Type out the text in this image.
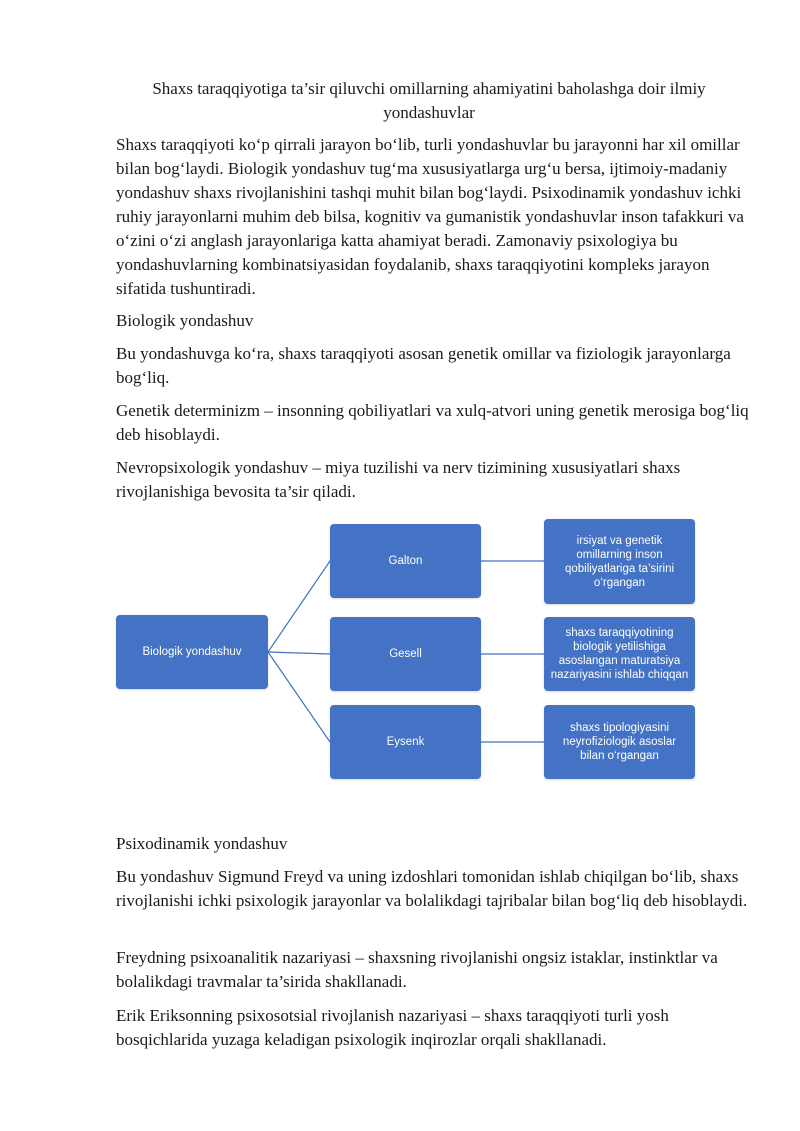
Shaxs taraqqiyotiga ta’sir qiluvchi omillarning ahamiyatini baholashga doir ilmiy yondashuvlar

Shaxs taraqqiyoti ko‘p qirrali jarayon bo‘lib, turli yondashuvlar bu jarayonni har xil omillar bilan bog‘laydi. Biologik yondashuv tug‘ma xususiyatlarga urg‘u bersa, ijtimoiy-madaniy yondashuv shaxs rivojlanishini tashqi muhit bilan bog‘laydi. Psixodinamik yondashuv ichki ruhiy jarayonlarni muhim deb bilsa, kognitiv va gumanistik yondashuvlar inson tafakkuri va o‘zini o‘zi anglash jarayonlariga katta ahamiyat beradi. Zamonaviy psixologiya bu yondashuvlarning kombinatsiyasidan foydalanib, shaxs taraqqiyotini kompleks jarayon sifatida tushuntiradi.

Biologik yondashuv

Bu yondashuvga ko‘ra, shaxs taraqqiyoti asosan genetik omillar va fiziologik jarayonlarga bog‘liq.

Genetik determinizm – insonning qobiliyatlari va xulq-atvori uning genetik merosiga bog‘liq deb hisoblaydi.

Nevropsixologik yondashuv – miya tuzilishi va nerv tizimining xususiyatlari shaxs rivojlanishiga bevosita ta’sir qiladi.

Biologik yondashuv
Galton
Gesell
Eysenk
irsiyat va genetik omillarning inson qobiliyatlariga ta’sirini o‘rgangan
shaxs taraqqiyotining biologik yetilishiga asoslangan maturatsiya nazariyasini ishlab chiqqan
shaxs tipologiyasini neyrofiziologik asoslar bilan o‘rgangan

Psixodinamik yondashuv

Bu yondashuv Sigmund Freyd va uning izdoshlari tomonidan ishlab chiqilgan bo‘lib, shaxs rivojlanishi ichki psixologik jarayonlar va bolalikdagi tajribalar bilan bog‘liq deb hisoblaydi.

Freydning psixoanalitik nazariyasi – shaxsning rivojlanishi ongsiz istaklar, instinktlar va bolalikdagi travmalar ta’sirida shakllanadi.

Erik Eriksonning psixosotsial rivojlanish nazariyasi – shaxs taraqqiyoti turli yosh bosqichlarida yuzaga keladigan psixologik inqirozlar orqali shakllanadi.
